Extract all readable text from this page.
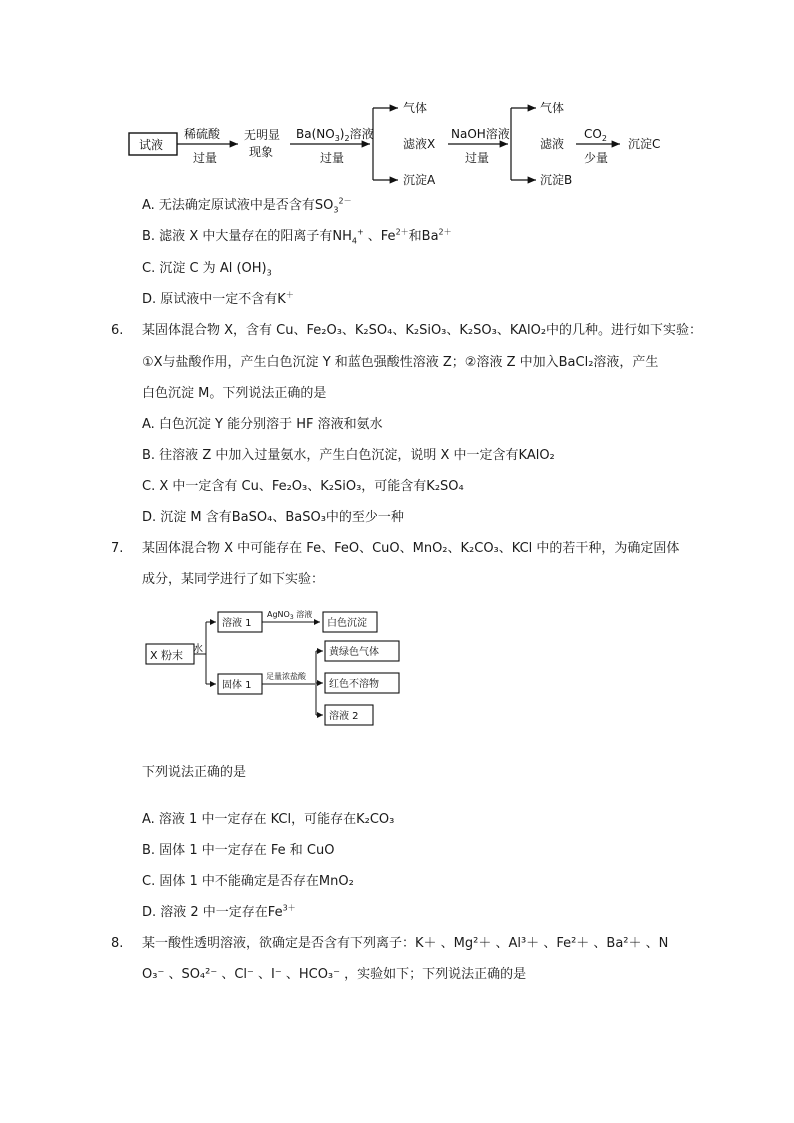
试液
稀硫酸
过量
无明显
现象
$Ba(NO_3)_2$溶液
过量
气体
滤液X
沉淀A
NaOH溶液
过量
气体
滤液
沉淀B
$CO_2$
少量
沉淀C
A. 无法确定原试液中是否含有$SO_3^{2-}$
B. 滤液 X 中大量存在的阳离子有$NH_4^+$ 、$Fe^{2+}$和$Ba^{2+}$
C. 沉淀 C 为 Al $(OH)_3$
D. 原试液中一定不含有K＋
6. 某固体混合物 X，含有 Cu、Fe₂O₃、K₂SO₄、K₂SiO₃、K₂SO₃、KAlO₂中的几种。进行如下实验：
①X与盐酸作用，产生白色沉淀 Y 和蓝色强酸性溶液 Z；②溶液 Z 中加入BaCl₂溶液，产生
白色沉淀 M。下列说法正确的是
A. 白色沉淀 Y 能分别溶于 HF 溶液和氨水
B. 往溶液 Z 中加入过量氨水，产生白色沉淀，说明 X 中一定含有KAlO₂
C. X 中一定含有 Cu、Fe₂O₃、K₂SiO₃，可能含有K₂SO₄
D. 沉淀 M 含有BaSO₄、BaSO₃中的至少一种
7. 某固体混合物 X 中可能存在 Fe、FeO、CuO、MnO₂、K₂CO₃、KCl 中的若干种，为确定固体
成分，某同学进行了如下实验：
X 粉末 水
溶液 1
AgNO$_3$ 溶液
白色沉淀
固体 1
足量浓盐酸
黄绿色气体
红色不溶物
溶液 2
下列说法正确的是
A. 溶液 1 中一定存在 KCl，可能存在K₂CO₃
B. 固体 1 中一定存在 Fe 和 CuO
C. 固体 1 中不能确定是否存在MnO₂
D. 溶液 2 中一定存在$Fe^{3+}$
8. 某一酸性透明溶液，欲确定是否含有下列离子：K＋ 、Mg²＋ 、Al³＋ 、Fe²＋ 、Ba²＋ 、N
O₃⁻ 、SO₄²⁻ 、Cl⁻ 、I⁻ 、HCO₃⁻ ，实验如下；下列说法正确的是
